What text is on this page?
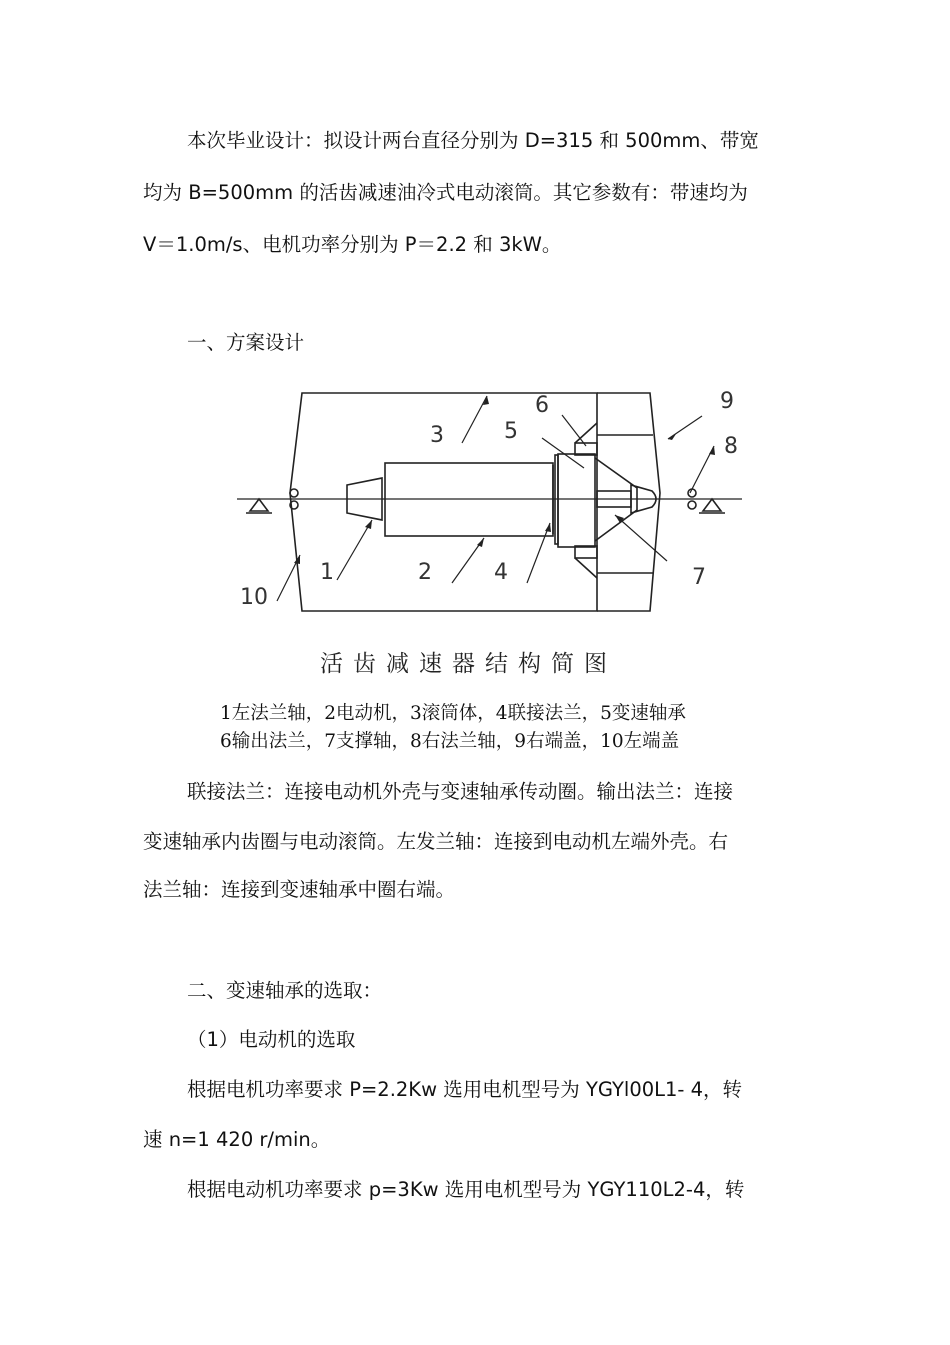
本次毕业设计：拟设计两台直径分别为 D=315 和 500mm、带宽
均为 B=500mm 的活齿减速油冷式电动滚筒。其它参数有：带速均为
V＝1.0m/s、电机功率分别为 P＝2.2 和 3kW。
一、方案设计
3	5
6	9
8
1	2	4	7
10
活齿减速器结构简图
1左法兰轴，2电动机，3滚筒体，4联接法兰，5变速轴承
6输出法兰，7支撑轴，8右法兰轴，9右端盖，10左端盖
联接法兰：连接电动机外壳与变速轴承传动圈。输出法兰：连接
变速轴承内齿圈与电动滚筒。左发兰轴：连接到电动机左端外壳。右
法兰轴：连接到变速轴承中圈右端。
二、变速轴承的选取：
（1）电动机的选取
根据电机功率要求 P=2.2Kw 选用电机型号为 YGYl00L1- 4，转
速 n=1 420 r/min。
根据电动机功率要求 p=3Kw 选用电机型号为 YGY110L2-4，转
